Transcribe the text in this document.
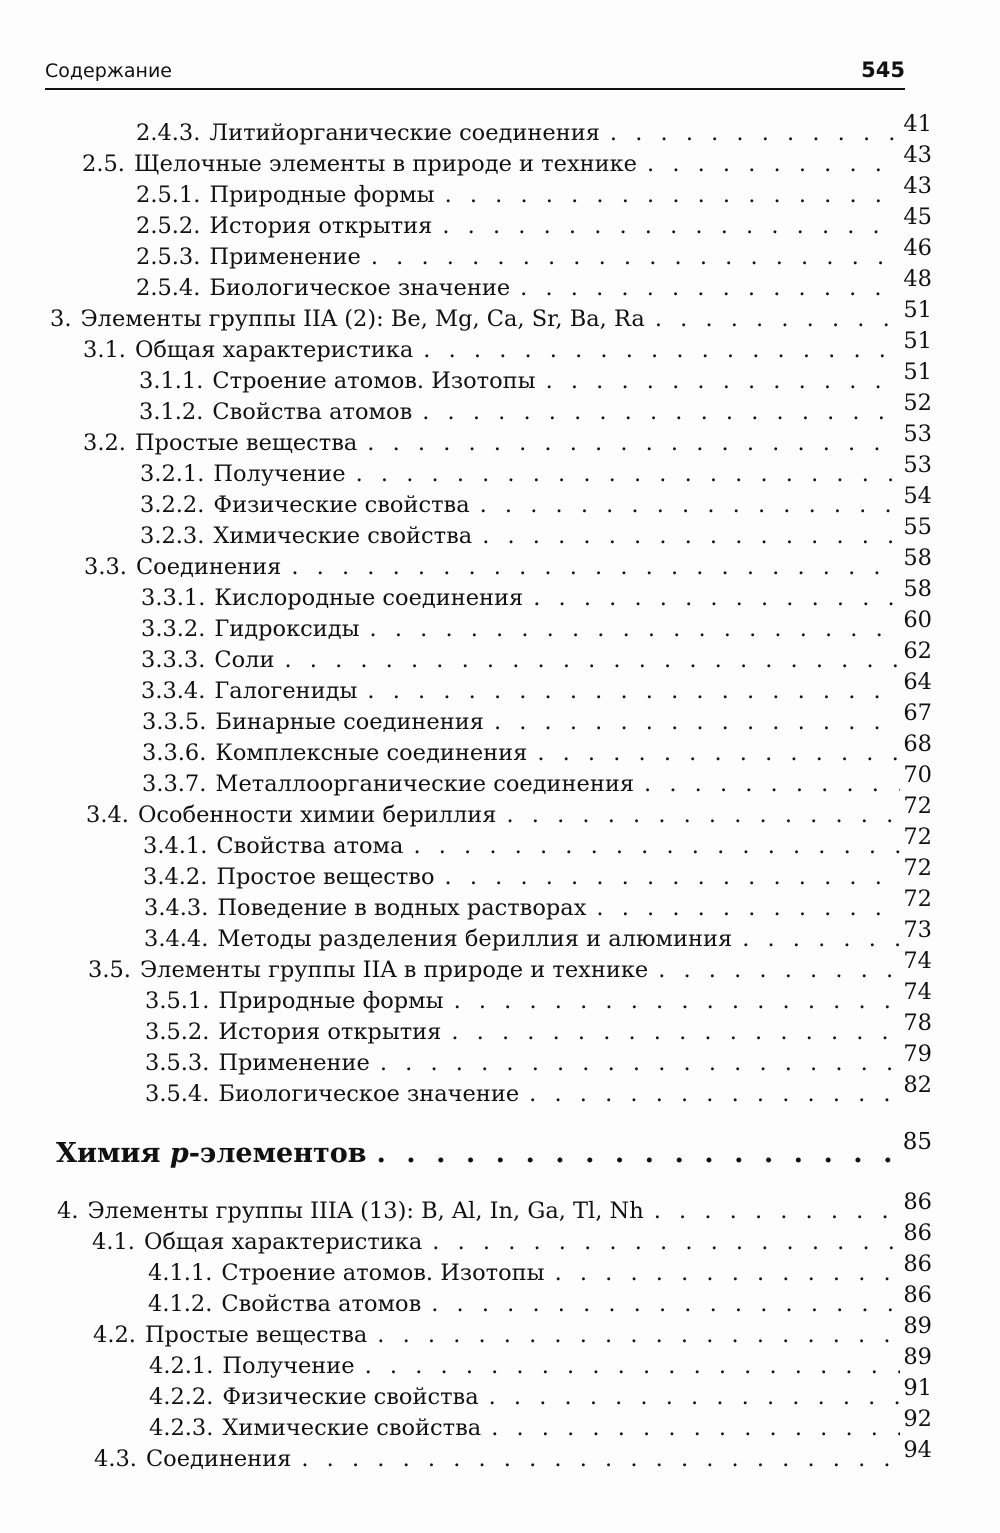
Содержание	545
2.4.3. Литийорганические соединения . . .	41
2.5. Щелочные элементы в природе и технике . . .	43
2.5.1. Природные формы . . .	43
2.5.2. История открытия . . .	45
2.5.3. Применение . . .	46
2.5.4. Биологическое значение . . .	48
3. Элементы группы IIA (2): Be, Mg, Ca, Sr, Ba, Ra . . .	51
3.1. Общая характеристика . . .	51
3.1.1. Строение атомов. Изотопы . . .	51
3.1.2. Свойства атомов . . .	52
3.2. Простые вещества . . .	53
3.2.1. Получение . . .	53
3.2.2. Физические свойства . . .	54
3.2.3. Химические свойства . . .	55
3.3. Соединения . . .	58
3.3.1. Кислородные соединения . . .	58
3.3.2. Гидроксиды . . .	60
3.3.3. Соли . . .	62
3.3.4. Галогениды . . .	64
3.3.5. Бинарные соединения . . .	67
3.3.6. Комплексные соединения . . .	68
3.3.7. Металлоорганические соединения . . .	70
3.4. Особенности химии бериллия . . .	72
3.4.1. Свойства атома . . .	72
3.4.2. Простое вещество . . .	72
3.4.3. Поведение в водных растворах . . .	72
3.4.4. Методы разделения бериллия и алюминия . . .	73
3.5. Элементы группы IIA в природе и технике . . .	74
3.5.1. Природные формы . . .	74
3.5.2. История открытия . . .	78
3.5.3. Применение . . .	79
3.5.4. Биологическое значение . . .	82
Химия p-элементов . . .	85
4. Элементы группы IIIA (13): B, Al, In, Ga, Tl, Nh . . .	86
4.1. Общая характеристика . . .	86
4.1.1. Строение атомов. Изотопы . . .	86
4.1.2. Свойства атомов . . .	86
4.2. Простые вещества . . .	89
4.2.1. Получение . . .	89
4.2.2. Физические свойства . . .	91
4.2.3. Химические свойства . . .	92
4.3. Соединения . . .	94
